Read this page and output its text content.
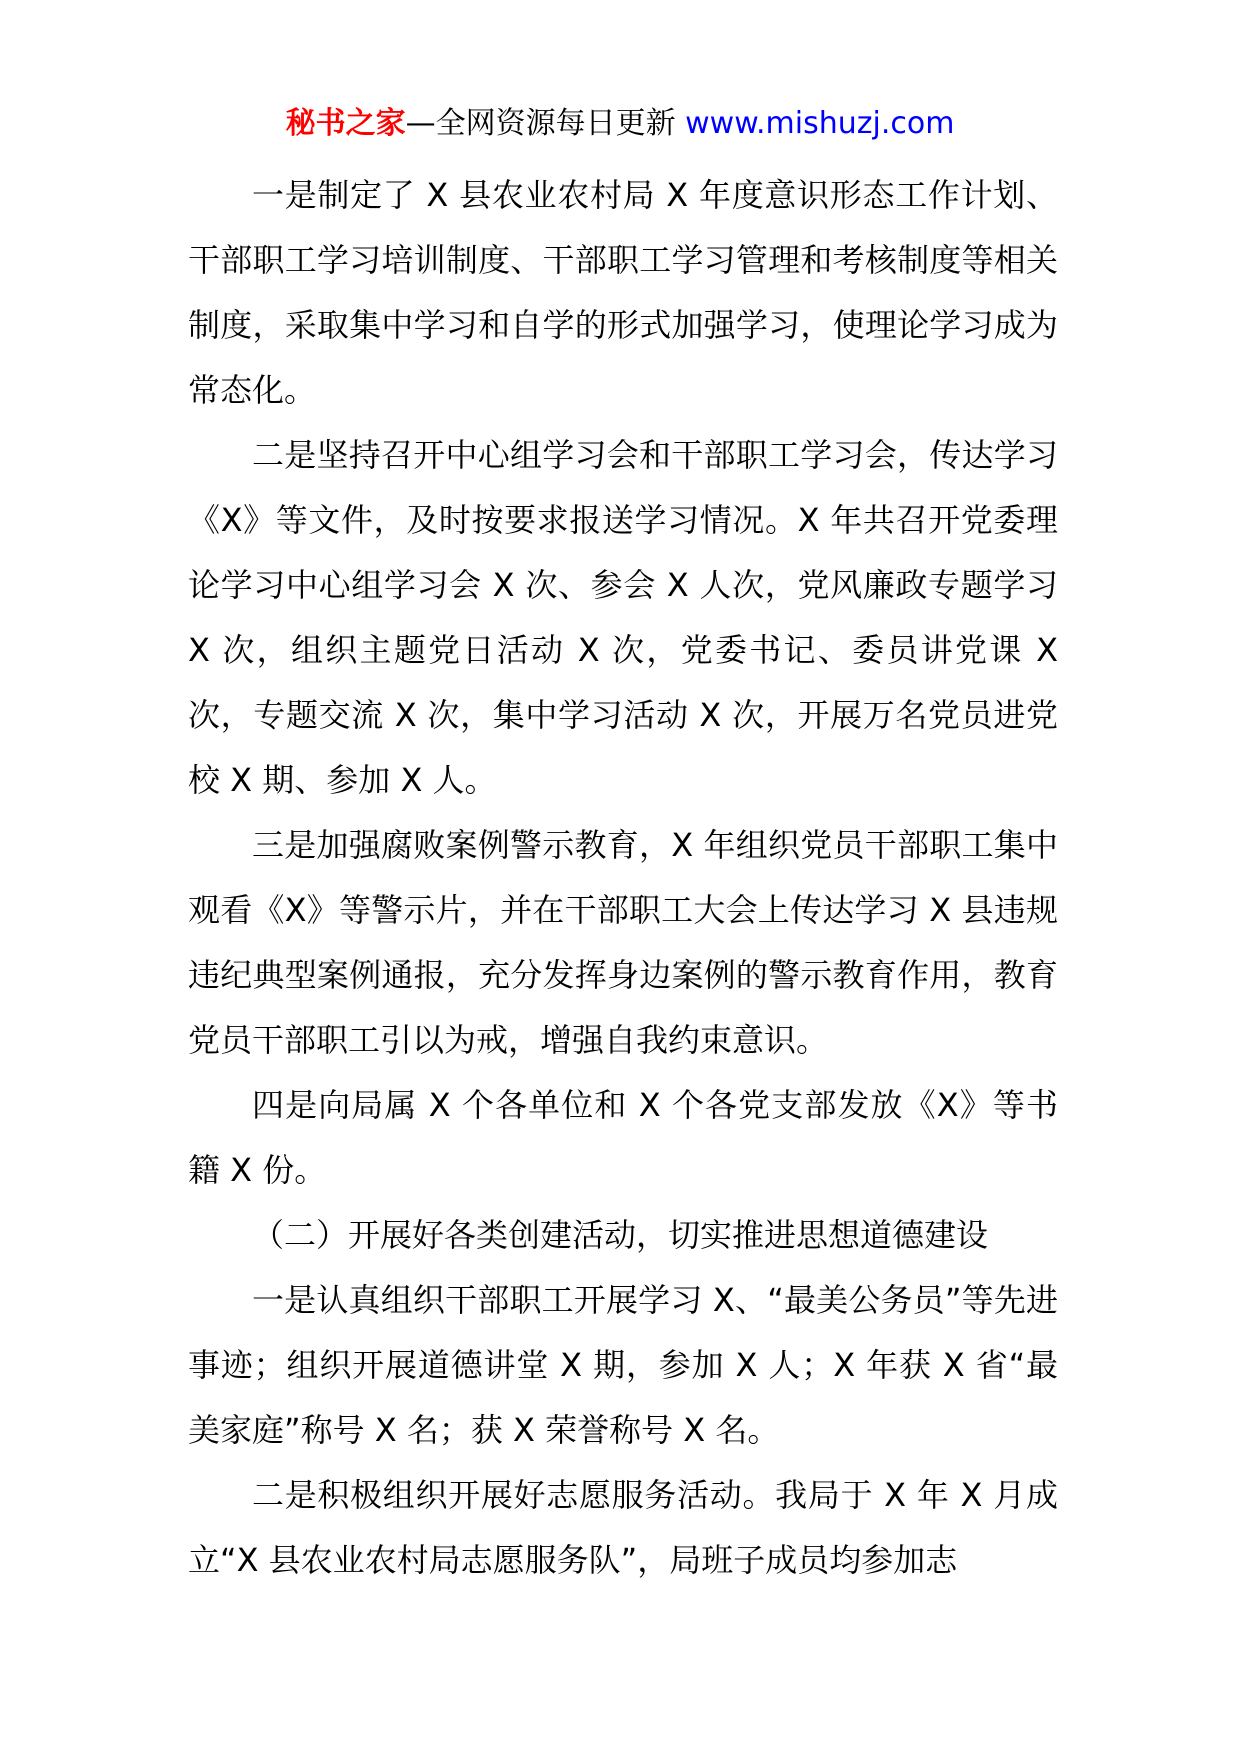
秘书之家—全网资源每日更新 www.mishuzj.com

一是制定了 X 县农业农村局 X 年度意识形态工作计划、干部职工学习培训制度、干部职工学习管理和考核制度等相关制度，采取集中学习和自学的形式加强学习，使理论学习成为常态化。

二是坚持召开中心组学习会和干部职工学习会，传达学习《X》等文件，及时按要求报送学习情况。X 年共召开党委理论学习中心组学习会 X 次、参会 X 人次，党风廉政专题学习 X 次，组织主题党日活动 X 次，党委书记、委员讲党课 X 次，专题交流 X 次，集中学习活动 X 次，开展万名党员进党校 X 期、参加 X 人。

三是加强腐败案例警示教育，X 年组织党员干部职工集中观看《X》等警示片，并在干部职工大会上传达学习 X 县违规违纪典型案例通报，充分发挥身边案例的警示教育作用，教育党员干部职工引以为戒，增强自我约束意识。

四是向局属 X 个各单位和 X 个各党支部发放《X》等书籍 X 份。

（二）开展好各类创建活动，切实推进思想道德建设

一是认真组织干部职工开展学习 X、“最美公务员”等先进事迹；组织开展道德讲堂 X 期，参加 X 人；X 年获 X 省“最美家庭”称号 X 名；获 X 荣誉称号 X 名。

二是积极组织开展好志愿服务活动。我局于 X 年 X 月成立“X 县农业农村局志愿服务队”，局班子成员均参加志
